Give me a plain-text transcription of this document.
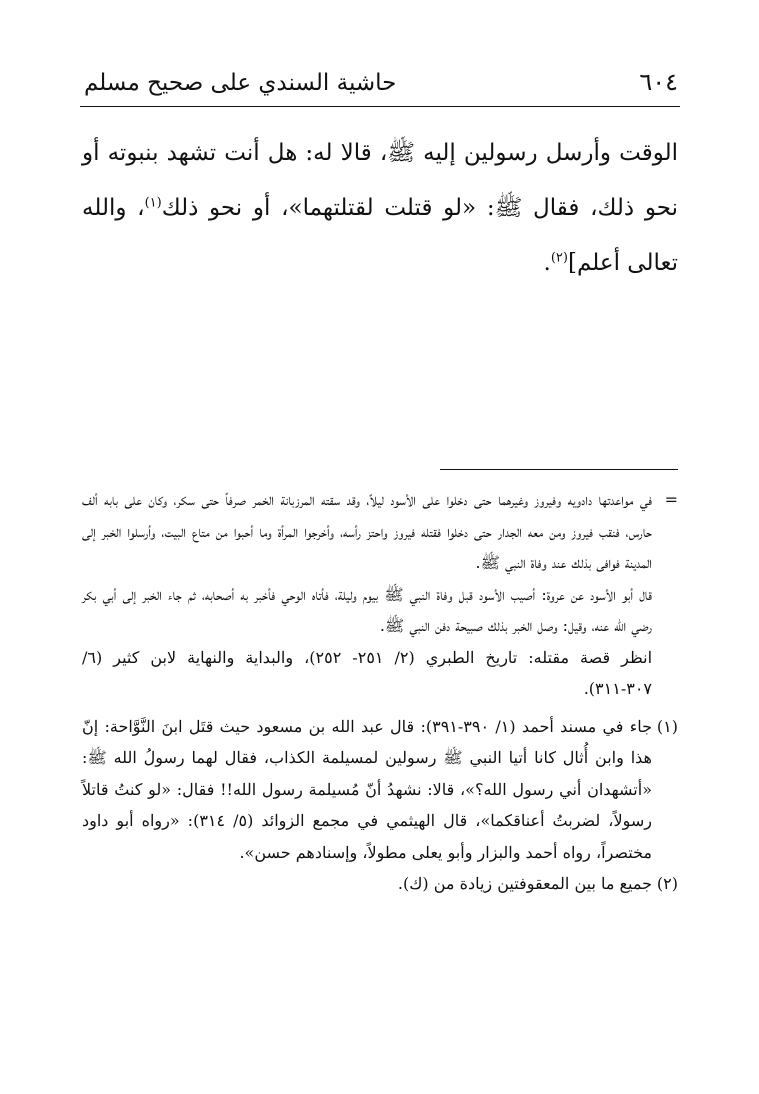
٦٠٤
حاشية السندي على صحيح مسلم

الوقت وأرسل رسولين إليه ﷺ، قالا له: هل أنت تشهد بنبوته أو نحو ذلك، فقال ﷺ: «لو قتلت لقتلتهما»، أو نحو ذلك$^{(١)}$، والله تعالى أعلم]$^{(٢)}$.

=

في مواعدتها دادويه وفيروز وغيرهما حتى دخلوا على الأسود ليلاً، وقد سقته المرزبانة الخمر صرفاً حتى سكر، وكان على بابه ألف حارس، فنقب فيروز ومن معه الجدار حتى دخلوا فقتله فيروز واحتز رأسه، وأخرجوا المرأة وما أحبوا من متاع البيت، وأرسلوا الخبر إلى المدينة فوافى بذلك عند وفاة النبي ﷺ.

قال أبو الأسود عن عروة: أصيب الأسود قبل وفاة النبي ﷺ بيوم وليلة، فأتاه الوحي فأخبر به أصحابه، ثم جاء الخبر إلى أبي بكر رضي الله عنه، وقيل: وصل الخبر بذلك صبيحة دفن النبي ﷺ.

انظر قصة مقتله: تاريخ الطبري (٢/ ٢٥١- ٢٥٢)، والبداية والنهاية لابن كثير (٦/ ٣٠٧-٣١١).

(١)

جاء في مسند أحمد (١/ ٣٩٠-٣٩١): قال عبد الله بن مسعود حيث قتَل ابنَ النَّوَّاحة: إنّ هذا وابن أُثال كانا أتيا النبي ﷺ رسولين لمسيلمة الكذاب، فقال لهما رسولُ الله ﷺ: «أتشهدان أني رسول الله؟»، قالا: نشهدُ أنّ مُسيلمة رسول الله!! فقال: «لو كنتُ قاتلاً رسولاً، لضربتُ أعناقكما»، قال الهيثمي في مجمع الزوائد (٥/ ٣١٤): «رواه أبو داود مختصراً، رواه أحمد والبزار وأبو يعلى مطولاً، وإسنادهم حسن».

(٢)

جميع ما بين المعقوفتين زيادة من (ك).
